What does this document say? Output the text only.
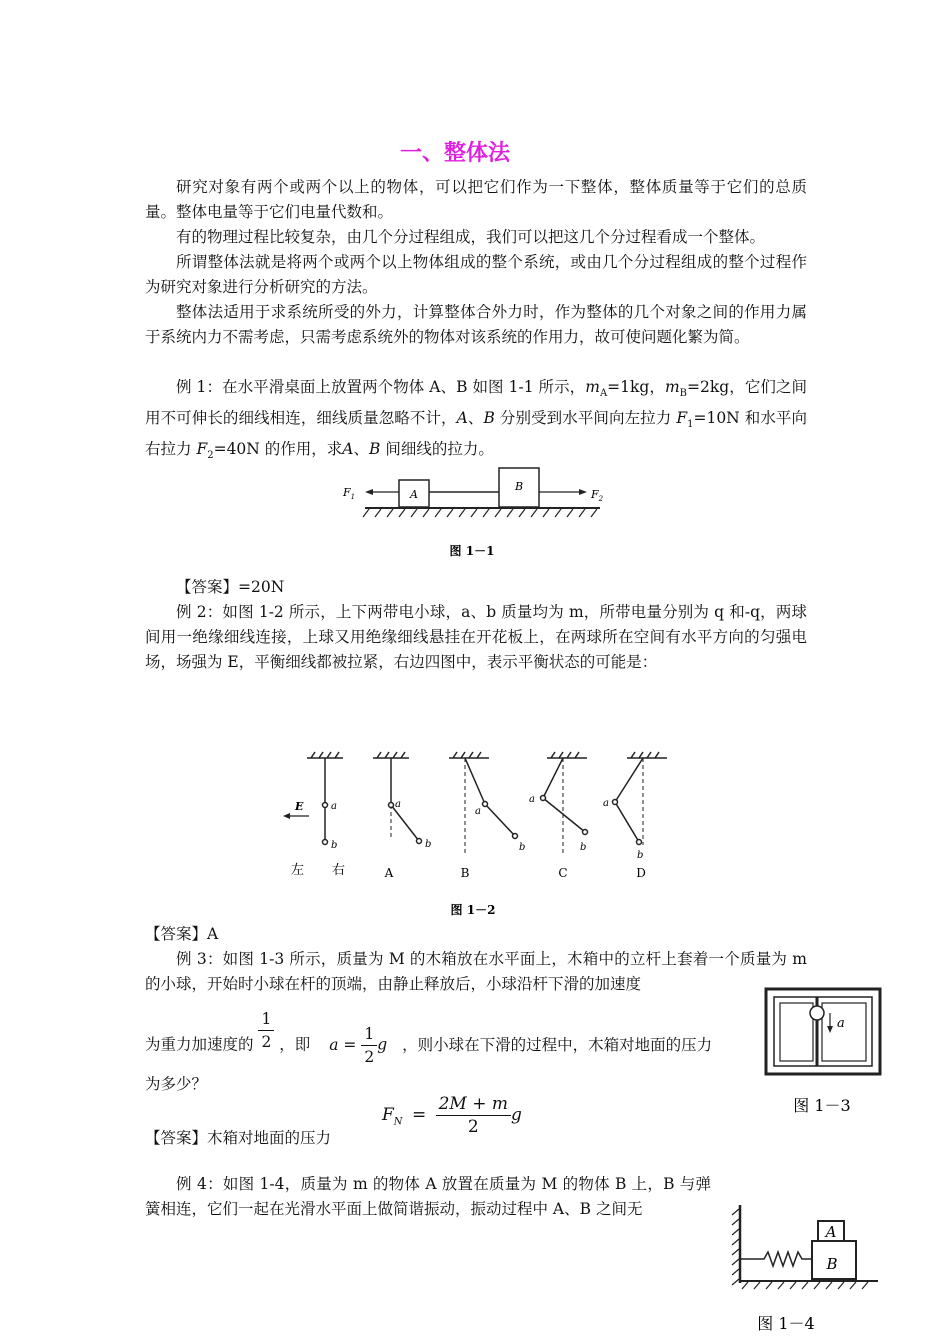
一、整体法
研究对象有两个或两个以上的物体，可以把它们作为一下整体，整体质量等于它们的总质量。整体电量等于它们电量代数和。
有的物理过程比较复杂，由几个分过程组成，我们可以把这几个分过程看成一个整体。
所谓整体法就是将两个或两个以上物体组成的整个系统，或由几个分过程组成的整个过程作为研究对象进行分析研究的方法。
整体法适用于求系统所受的外力，计算整体合外力时，作为整体的几个对象之间的作用力属于系统内力不需考虑，只需考虑系统外的物体对该系统的作用力，故可使问题化繁为简。
例 1：在水平滑桌面上放置两个物体 A、B 如图 1-1 所示，$m_A=1kg$，$m_B=2kg$，它们之间用不可伸长的细线相连，细线质量忽略不计，A、B 分别受到水平间向左拉力 $F_1=10N$ 和水平向右拉力 $F_2=40N$ 的作用，求A、B 间细线的拉力。
A
B
$F_1$	$F_2$
图 1－1
【答案】=20N
例 2：如图 1-2 所示，上下两带电小球，a、b 质量均为 m，所带电量分别为 q 和-q，两球间用一绝缘细线连接，上球又用绝缘细线悬挂在开花板上，在两球所在空间有水平方向的匀强电场，场强为 E，平衡细线都被拉紧，右边四图中，表示平衡状态的可能是：
E	a
b
左 右
a
b
a
b
a
b
a
b
A	B	C	D
图 1－2
【答案】A
例 3：如图 1-3 所示，质量为 M 的木箱放在水平面上，木箱中的立杆上套着一个质量为 m 的小球，开始时小球在杆的顶端，由静止释放后，小球沿杆下滑的加速度
为重力加速度的 $\frac{1}{2}$ ，即 $a = \frac{1}{2}$ g ，则小球在下滑的过程中，木箱对地面的压力
为多少？
【答案】木箱对地面的压力
$F_N = \frac{2M + m}{2}$ g
a
图 1－3
例 4：如图 1-4，质量为 m 的物体 A 放置在质量为 M 的物体 B 上，B 与弹簧相连，它们一起在光滑水平面上做简谐振动，振动过程中 A、B 之间无
B
A
图 1－4
